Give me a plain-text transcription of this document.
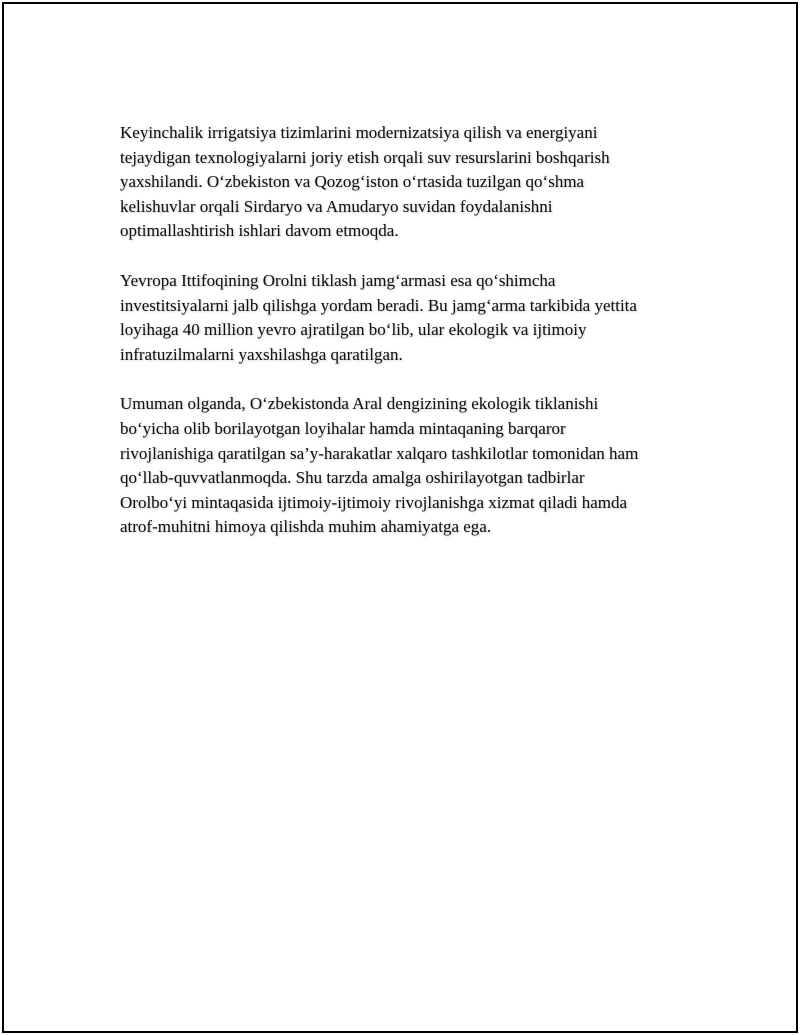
Keyinchalik irrigatsiya tizimlarini modernizatsiya qilish va energiyani
tejaydigan texnologiyalarni joriy etish orqali suv resurslarini boshqarish
yaxshilandi. O‘zbekiston va Qozog‘iston o‘rtasida tuzilgan qo‘shma
kelishuvlar orqali Sirdaryo va Amudaryo suvidan foydalanishni
optimallashtirish ishlari davom etmoqda.

Yevropa Ittifoqining Orolni tiklash jamg‘armasi esa qo‘shimcha
investitsiyalarni jalb qilishga yordam beradi. Bu jamg‘arma tarkibida yettita
loyihaga 40 million yevro ajratilgan bo‘lib, ular ekologik va ijtimoiy
infratuzilmalarni yaxshilashga qaratilgan.

Umuman olganda, O‘zbekistonda Aral dengizining ekologik tiklanishi
bo‘yicha olib borilayotgan loyihalar hamda mintaqaning barqaror
rivojlanishiga qaratilgan sa’y-harakatlar xalqaro tashkilotlar tomonidan ham
qo‘llab-quvvatlanmoqda. Shu tarzda amalga oshirilayotgan tadbirlar
Orolbo‘yi mintaqasida ijtimoiy-ijtimoiy rivojlanishga xizmat qiladi hamda
atrof-muhitni himoya qilishda muhim ahamiyatga ega.
